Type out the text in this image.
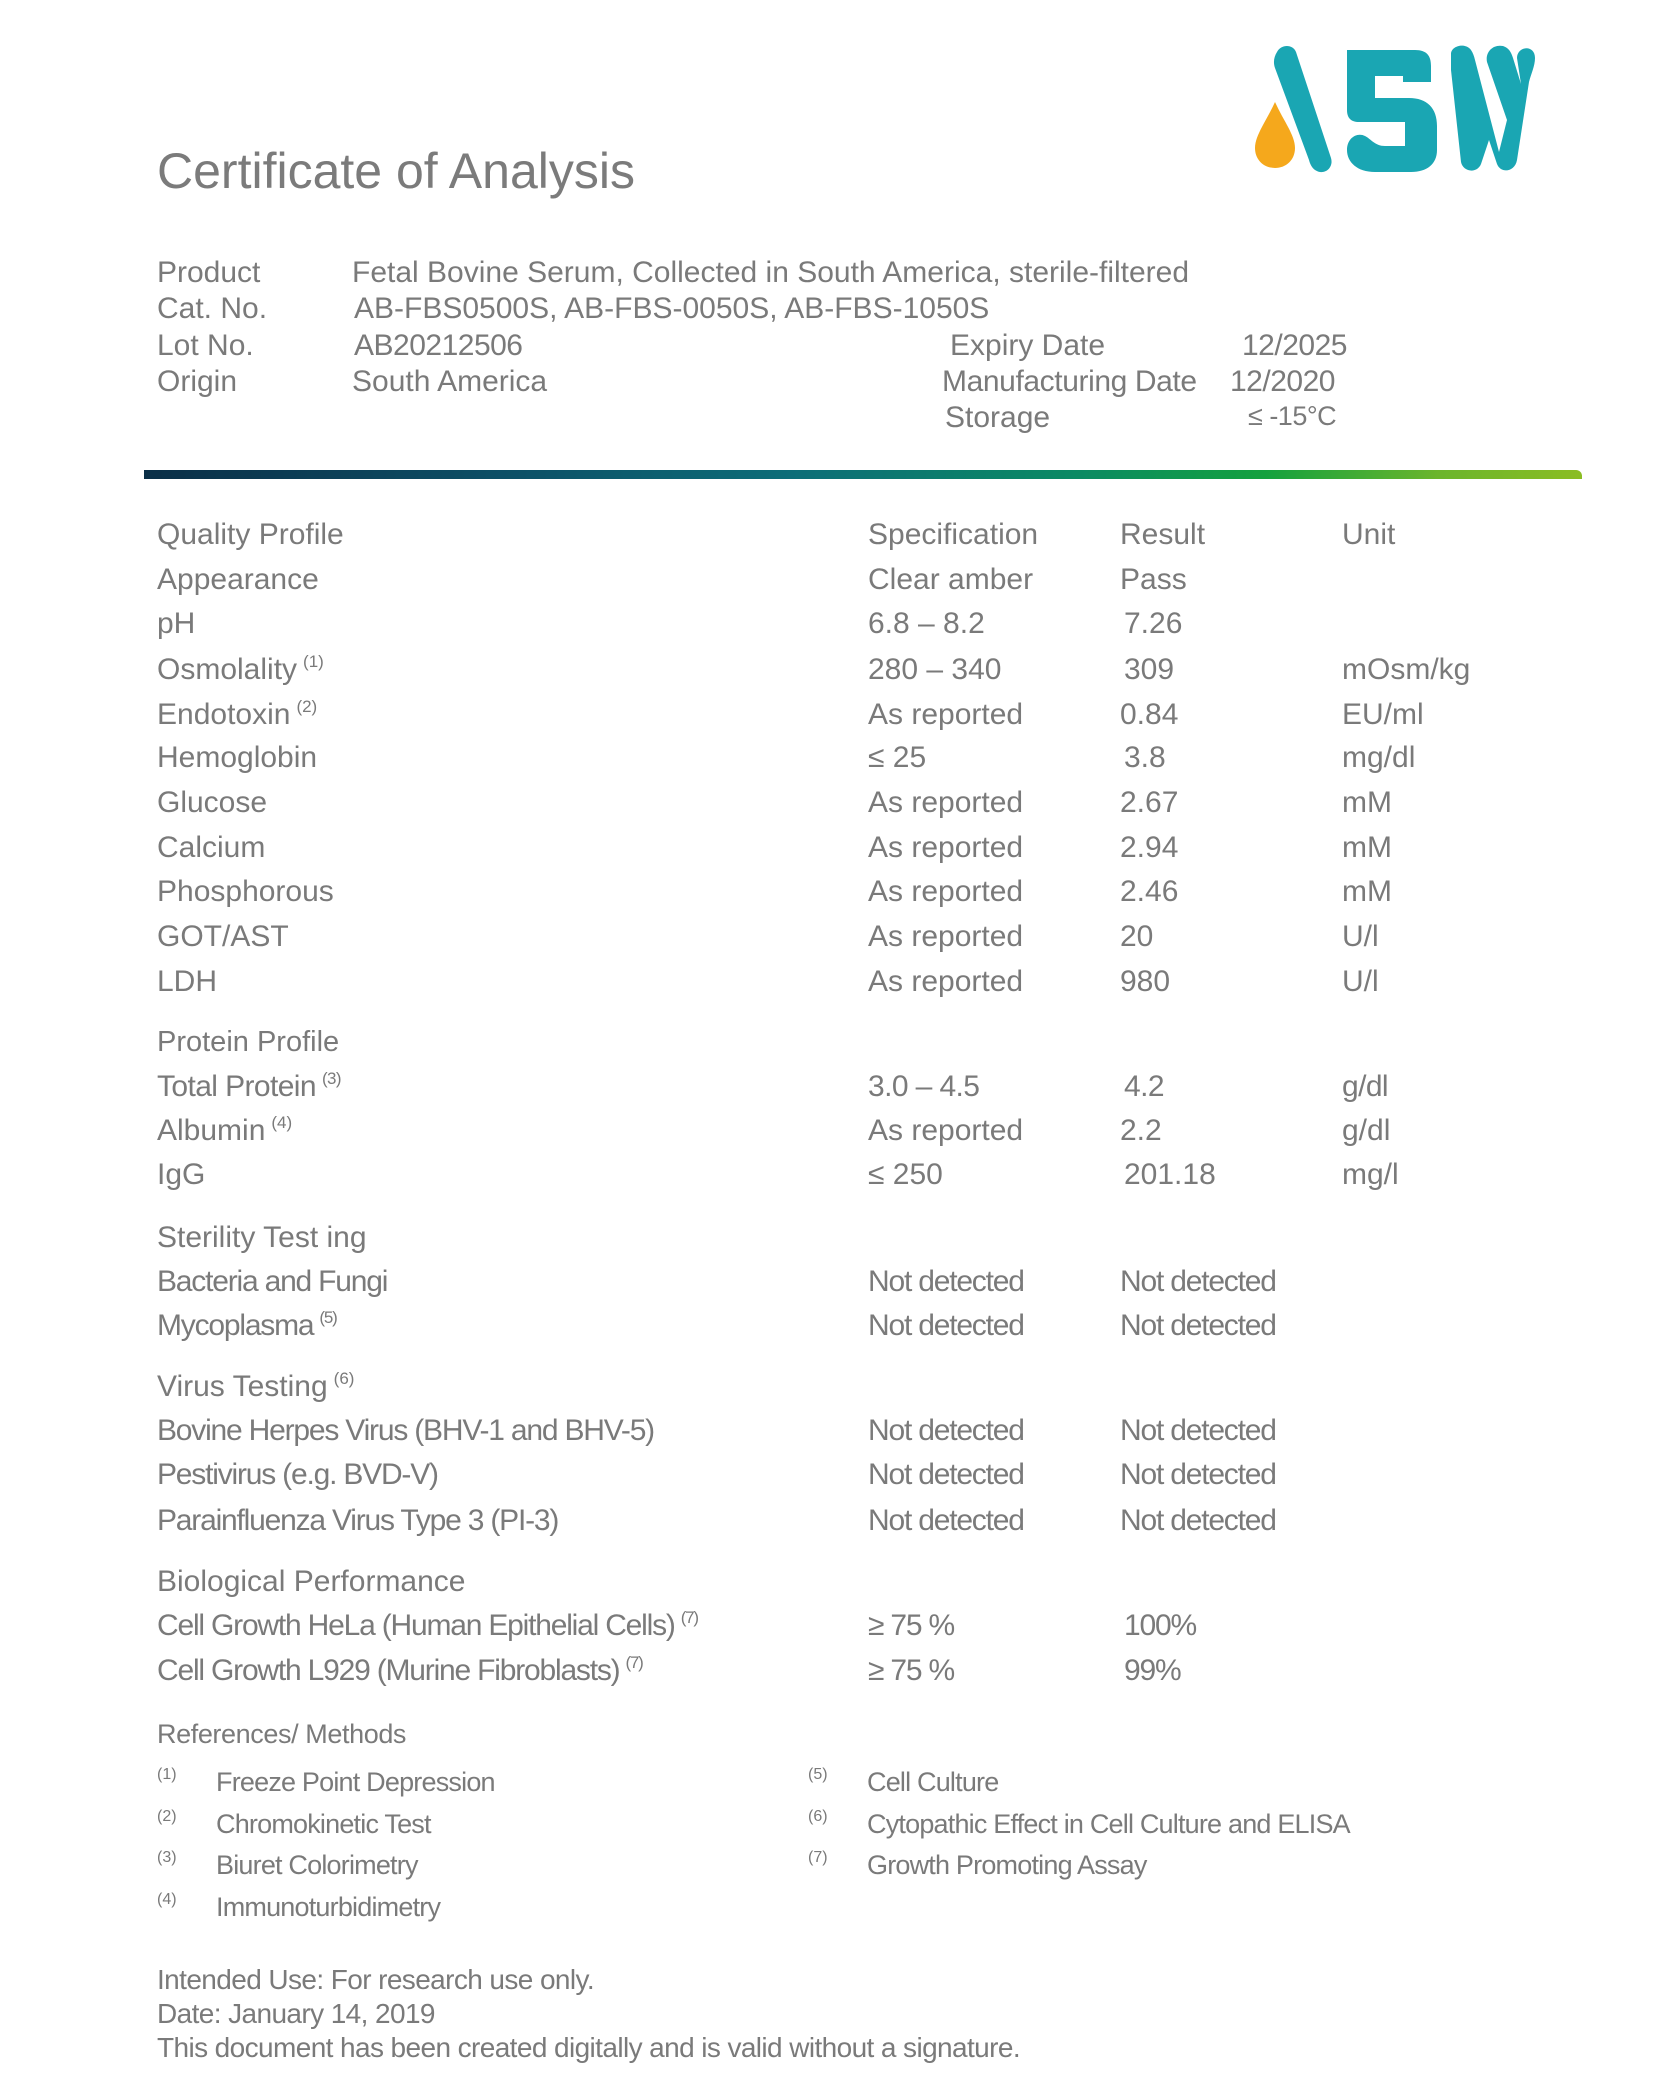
Certificate of Analysis
Product	Fetal Bovine Serum, Collected in South America, sterile-filtered
Cat. No.	AB-FBS0500S, AB-FBS-0050S, AB-FBS-1050S
Lot No.	AB20212506
Origin	South America
Expiry Date	12/2025
Manufacturing Date 12/2020
Storage	≤ -15°C
Quality Profile	Specification	Result	Unit
Appearance	Clear amber	Pass
pH	6.8 – 8.2	7.26
Osmolality $^{(1)}$	280 – 340	309	mOsm/kg
Endotoxin $^{(2)}$	As reported	0.84	EU/ml
Hemoglobin	≤ 25	3.8	mg/dl
Glucose	As reported	2.67	mM
Calcium	As reported	2.94	mM
Phosphorous	As reported	2.46	mM
GOT/AST	As reported	20	U/l
LDH	As reported	980	U/l
Protein Profile
Total Protein $^{(3)}$	3.0 – 4.5	4.2	g/dl
Albumin $^{(4)}$	As reported	2.2	g/dl
IgG	≤ 250	201.18	mg/l
Sterility Test ing
Bacteria and Fungi	Not detected	Not detected
Mycoplasma $^{(5)}$	Not detected	Not detected
Virus Testing $^{(6)}$
Bovine Herpes Virus (BHV-1 and BHV-5)	Not detected	Not detected
Pestivirus (e.g. BVD-V)	Not detected	Not detected
Parainfluenza Virus Type 3 (PI-3)	Not detected	Not detected
Biological Performance
Cell Growth HeLa (Human Epithelial Cells) $^{(7)}$	≥ 75 %	100%
Cell Growth L929 (Murine Fibroblasts) $^{(7)}$	≥ 75 %	99%
References/ Methods
(1) Freeze Point Depression
(2) Chromokinetic Test
(3) Biuret Colorimetry
(4) Immunoturbidimetry
(5) Cell Culture
(6) Cytopathic Effect in Cell Culture and ELISA
(7) Growth Promoting Assay
Intended Use: For research use only.
Date: January 14, 2019
This document has been created digitally and is valid without a signature.
